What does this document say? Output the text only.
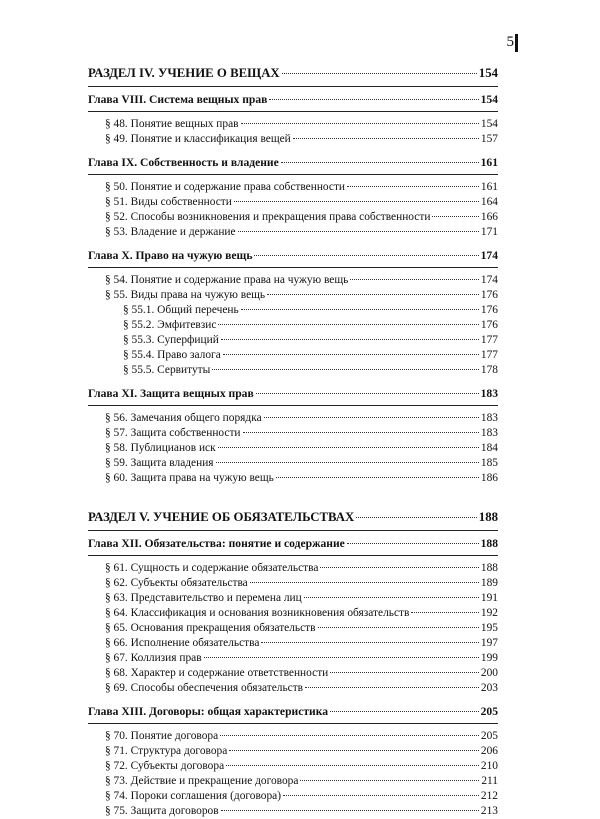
5
РАЗДЕЛ IV. УЧЕНИЕ О ВЕЩАХ	154
Глава VIII. Система вещных прав	154
§ 48. Понятие вещных прав	154
§ 49. Понятие и классификация вещей	157
Глава IX. Собственность и владение	161
§ 50. Понятие и содержание права собственности	161
§ 51. Виды собственности	164
§ 52. Способы возникновения и прекращения права собственности	166
§ 53. Владение и держание	171
Глава X. Право на чужую вещь	174
§ 54. Понятие и содержание права на чужую вещь	174
§ 55. Виды права на чужую вещь	176
§ 55.1. Общий перечень	176
§ 55.2. Эмфитевзис	176
§ 55.3. Суперфиций	177
§ 55.4. Право залога	177
§ 55.5. Сервитуты	178
Глава XI. Защита вещных прав	183
§ 56. Замечания общего порядка	183
§ 57. Защита собственности	183
§ 58. Публицианов иск	184
§ 59. Защита владения	185
§ 60. Защита права на чужую вещь	186
РАЗДЕЛ V. УЧЕНИЕ ОБ ОБЯЗАТЕЛЬСТВАХ	188
Глава XII. Обязательства: понятие и содержание	188
§ 61. Сущность и содержание обязательства	188
§ 62. Субъекты обязательства	189
§ 63. Представительство и перемена лиц	191
§ 64. Классификация и основания возникновения обязательств	192
§ 65. Основания прекращения обязательств	195
§ 66. Исполнение обязательства	197
§ 67. Коллизия прав	199
§ 68. Характер и содержание ответственности	200
§ 69. Способы обеспечения обязательств	203
Глава XIII. Договоры: общая характеристика	205
§ 70. Понятие договора	205
§ 71. Структура договора	206
§ 72. Субъекты договора	210
§ 73. Действие и прекращение договора	211
§ 74. Пороки соглашения (договора)	212
§ 75. Защита договоров	213
